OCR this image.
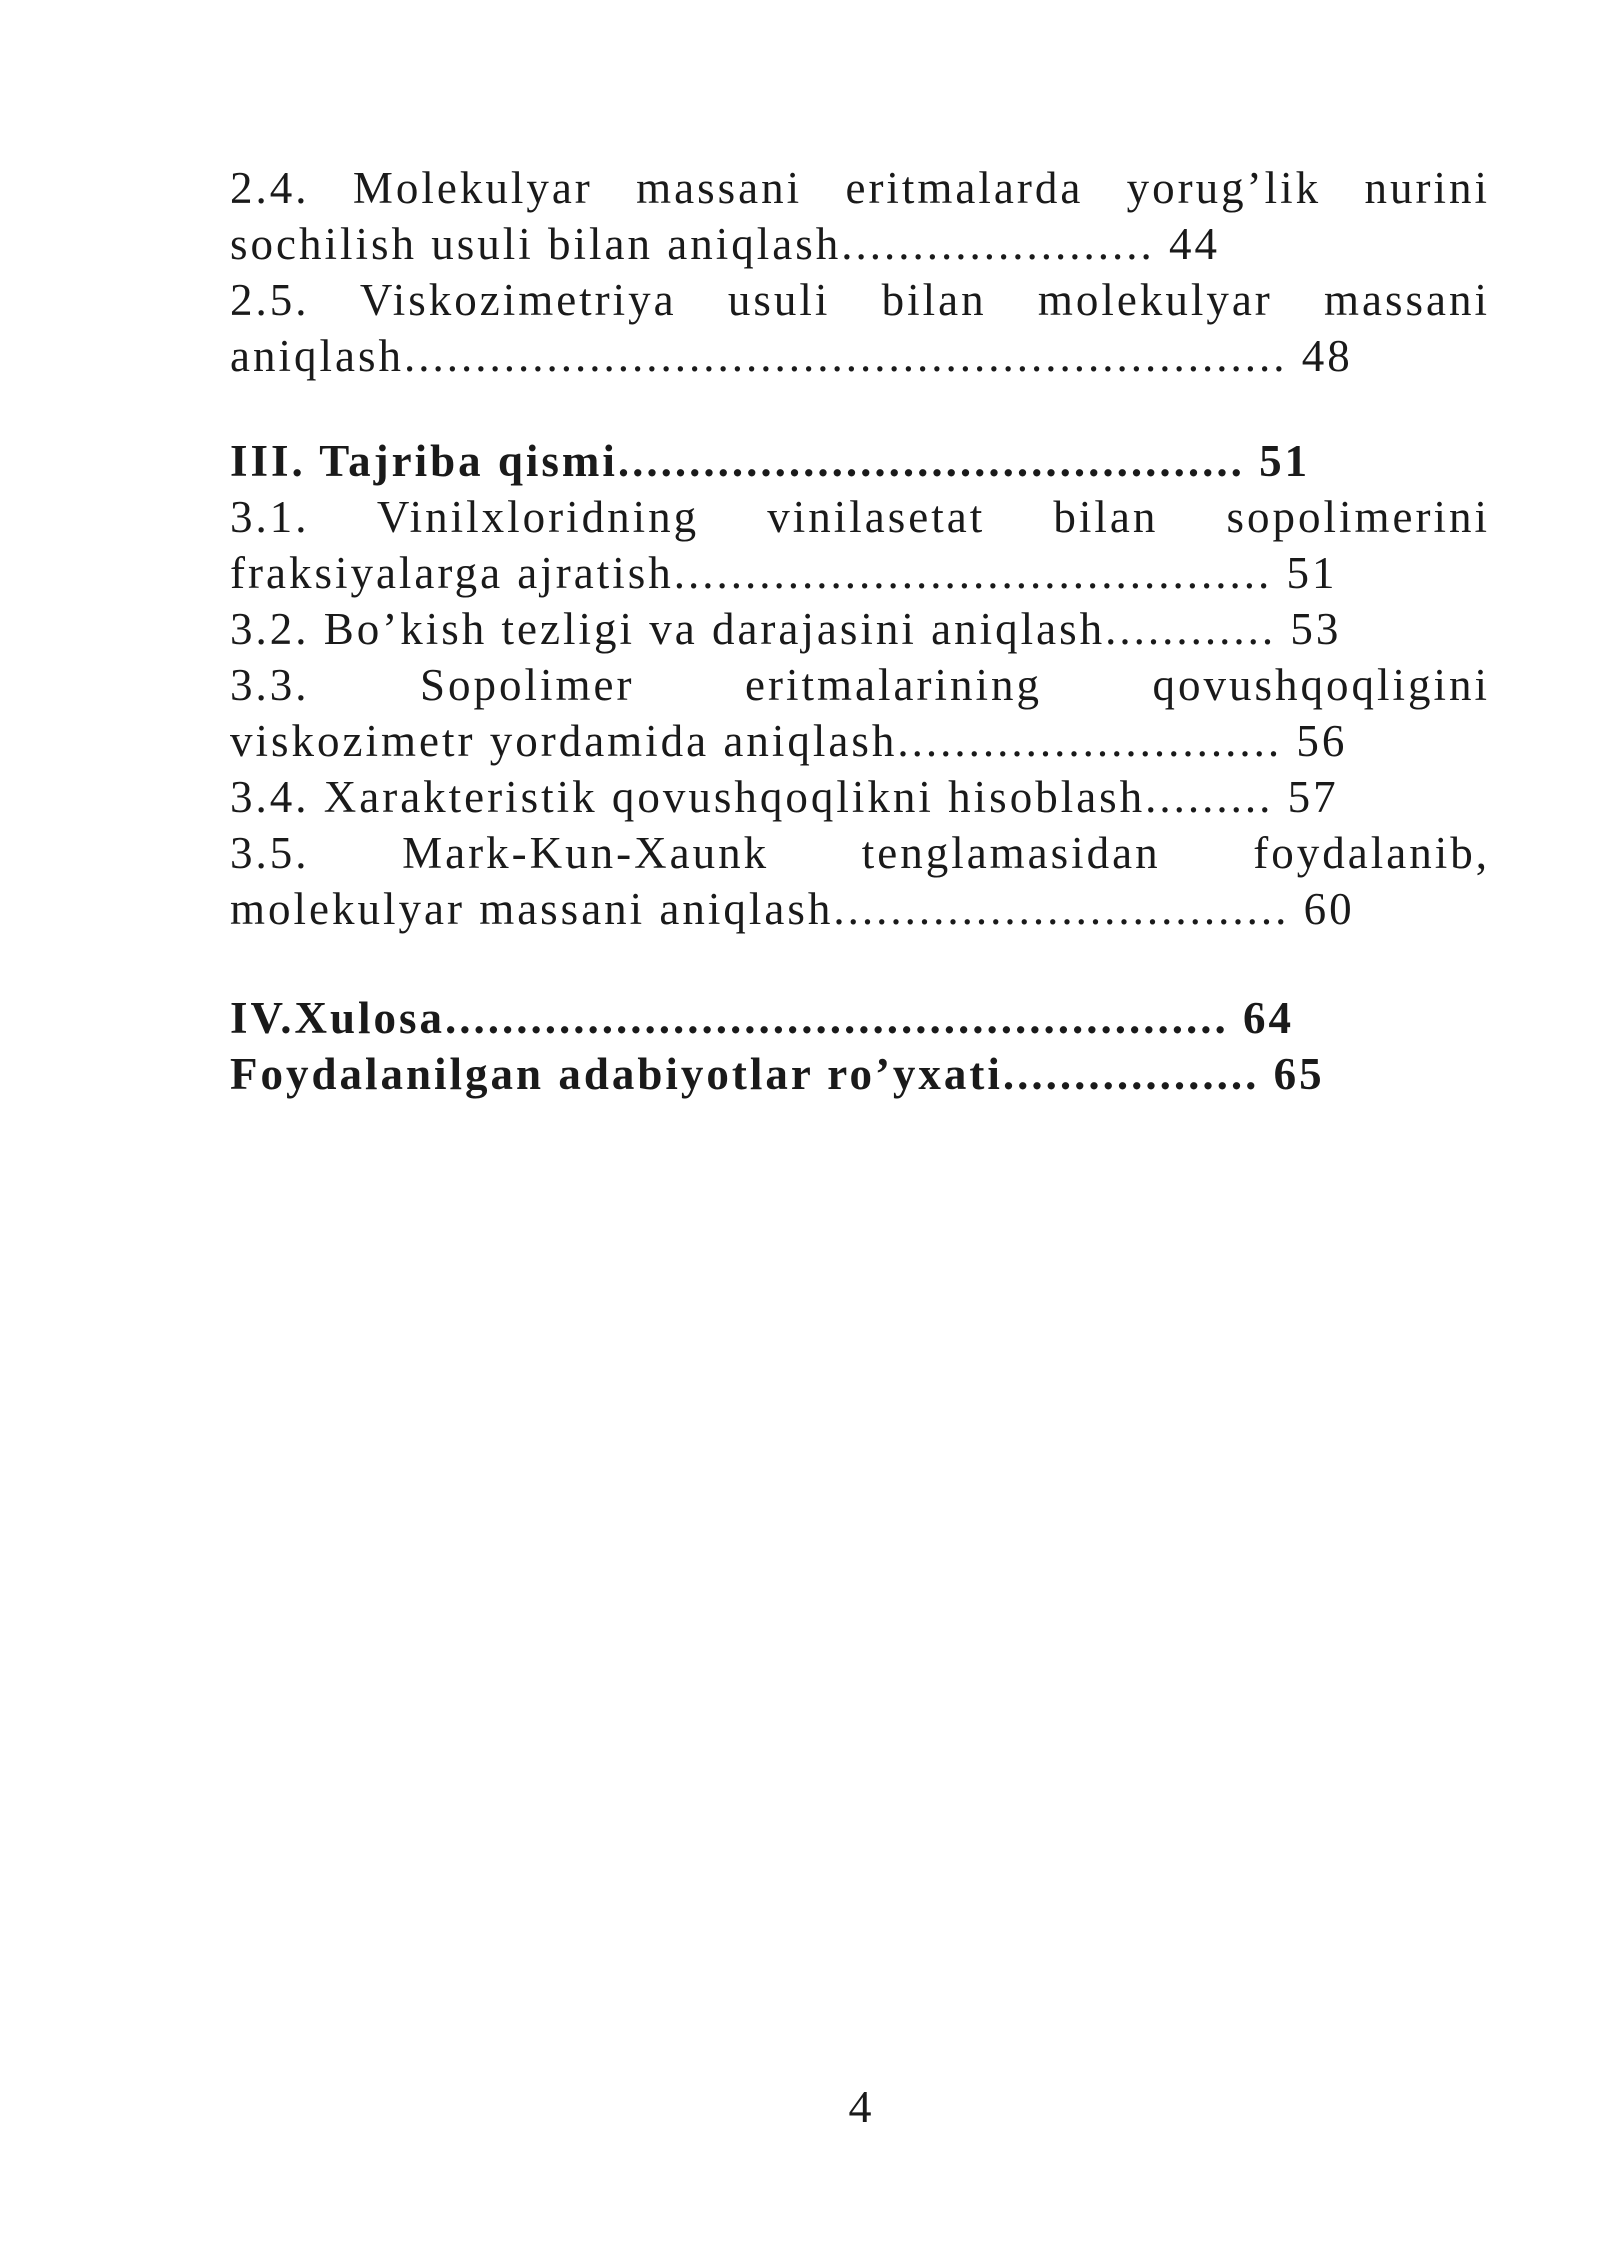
2.4. Molekulyar massani eritmalarda yorug’lik nurini
sochilish usuli bilan aniqlash...................... 44
2.5. Viskozimetriya usuli bilan molekulyar massani
aniqlash.............................................................. 48
III. Tajriba qismi............................................ 51
3.1. Vinilxloridning vinilasetat bilan sopolimerini
fraksiyalarga ajratish.......................................... 51
3.2. Bo’kish tezligi va darajasini aniqlash............ 53
3.3. Sopolimer eritmalarining qovushqoqligini
viskozimetr yordamida aniqlash........................... 56
3.4. Xarakteristik qovushqoqlikni hisoblash......... 57
3.5. Mark-Kun-Xaunk tenglamasidan foydalanib,
molekulyar massani aniqlash................................ 60
IV.Xulosa....................................................... 64
Foydalanilgan adabiyotlar ro’yxati.................. 65
4
